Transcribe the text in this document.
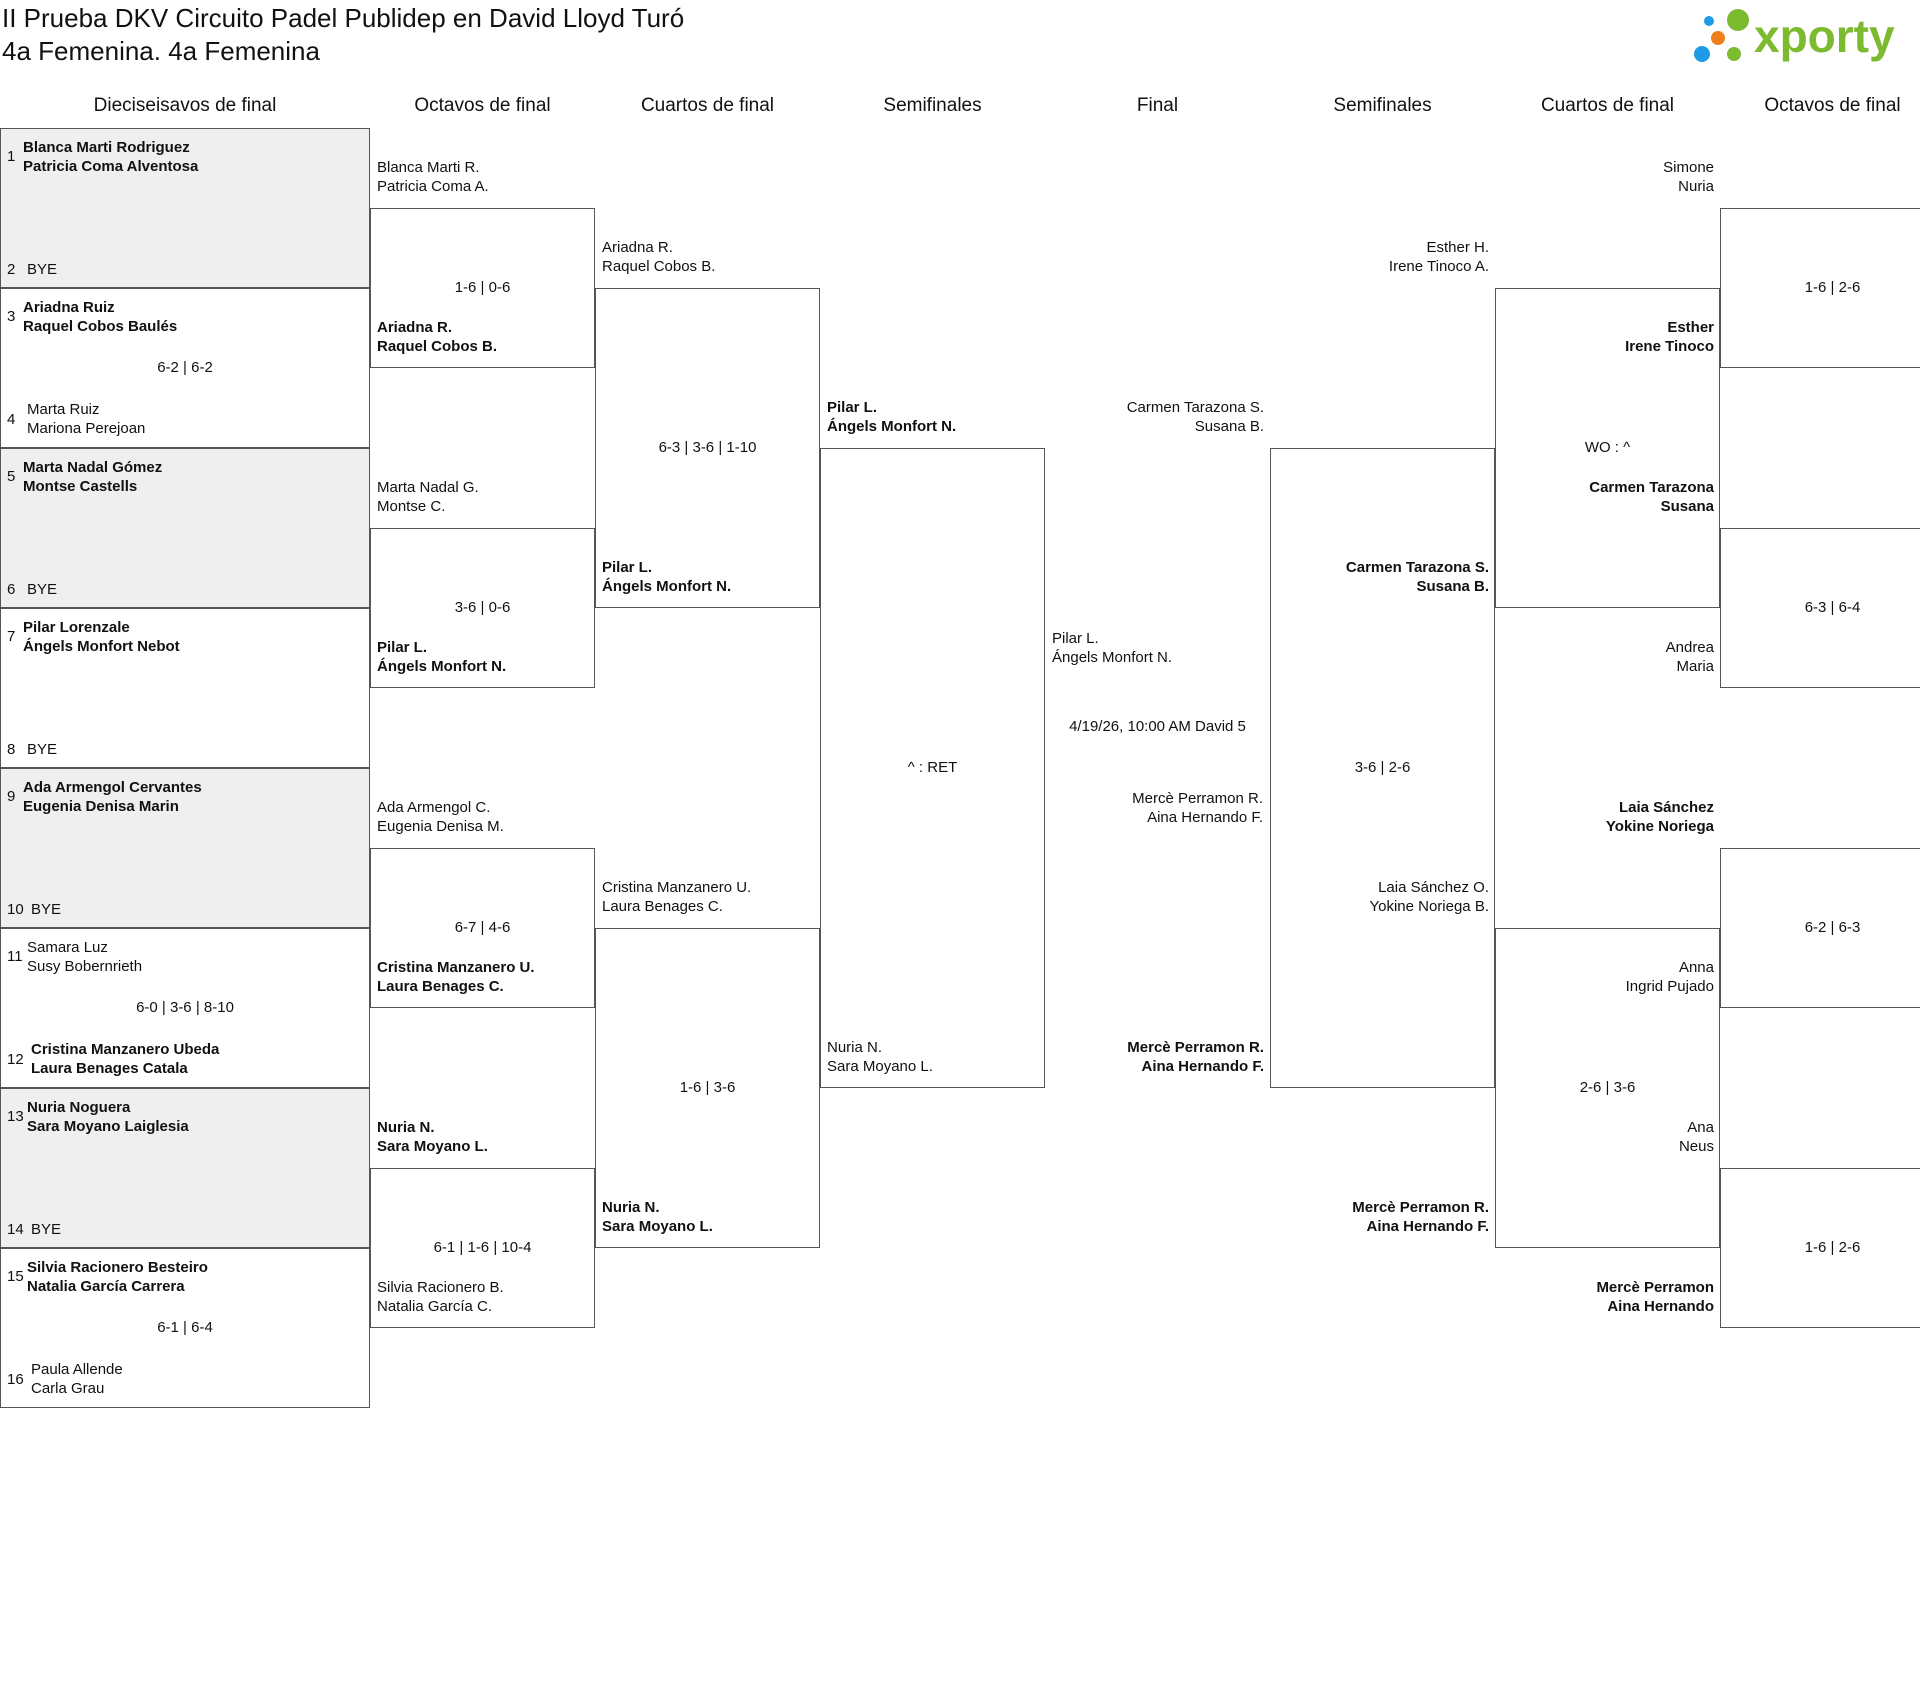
II Prueba DKV Circuito Padel Publidep en David Lloyd Turó
4a Femenina. 4a Femenina	xporty
Dieciseisavos de final	Octavos de final	Cuartos de final	Semifinales	Final	Semifinales	Cuartos de final	Octavos de final
1
Blanca Marti Rodriguez
Patricia Coma Alventosa
2 BYE
3
Ariadna Ruiz
Raquel Cobos Baulés
4
Marta Ruiz
Mariona Perejoan
6-2 | 6-2
5
Marta Nadal Gómez
Montse Castells
6 BYE
7
Pilar Lorenzale
Ángels Monfort Nebot
8 BYE
9
Ada Armengol Cervantes
Eugenia Denisa Marin
10 BYE
11
Samara Luz
Susy Bobernrieth
12
Cristina Manzanero Ubeda
Laura Benages Catala
6-0 | 3-6 | 8-10
13
Nuria Noguera
Sara Moyano Laiglesia
14 BYE
15
Silvia Racionero Besteiro
Natalia García Carrera
16
Paula Allende
Carla Grau
6-1 | 6-4
Blanca Marti R.
Patricia Coma A.
Ariadna R.
Raquel Cobos B.
1-6 | 0-6
Marta Nadal G.
Montse C.
Pilar L.
Ángels Monfort N.
3-6 | 0-6
Ada Armengol C.
Eugenia Denisa M.
Cristina Manzanero U.
Laura Benages C.
6-7 | 4-6
Nuria N.
Sara Moyano L.
Silvia Racionero B.
Natalia García C.
6-1 | 1-6 | 10-4
Ariadna R.
Raquel Cobos B.
Pilar L.
Ángels Monfort N.
6-3 | 3-6 | 1-10
Cristina Manzanero U.
Laura Benages C.
Nuria N.
Sara Moyano L.
1-6 | 3-6
Pilar L.
Ángels Monfort N.
Nuria N.
Sara Moyano L.
^ : RET
Carmen Tarazona S.
Susana B.
Mercè Perramon R.
Aina Hernando F.
3-6 | 2-6
Esther H.
Irene Tinoco A.
Carmen Tarazona S.
Susana B.
WO : ^
Laia Sánchez O.
Yokine Noriega B.
Mercè Perramon R.
Aina Hernando F.
2-6 | 3-6
Simone
Nuria
Esther
Irene Tinoco
1-6 | 2-6
Carmen Tarazona
Susana
Andrea
Maria
6-3 | 6-4
Laia Sánchez
Yokine Noriega
Anna
Ingrid Pujado
6-2 | 6-3
Ana
Neus
Mercè Perramon
Aina Hernando
1-6 | 2-6
Pilar L.
Ángels Monfort N.
4/19/26, 10:00 AM David 5
Mercè Perramon R.
Aina Hernando F.
